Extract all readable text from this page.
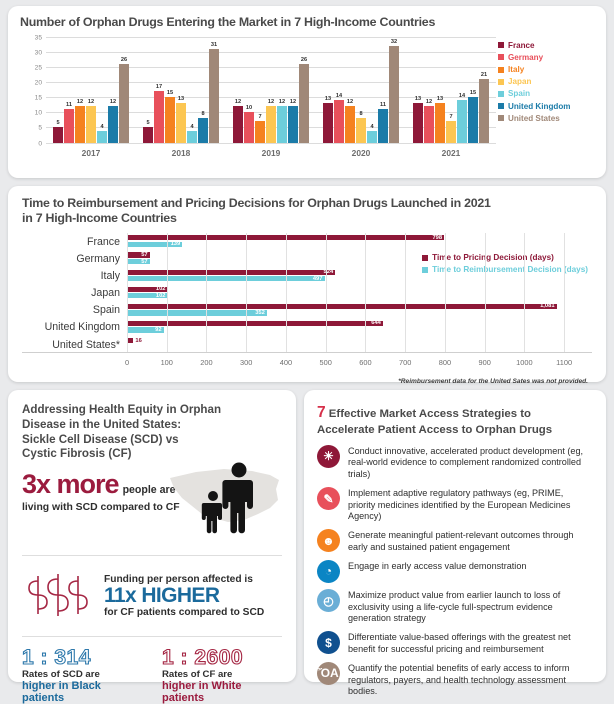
Number of Orphan Drugs Entering the Market in 7 High-Income Countries
35
30
25
20
15
10
5
0
5
11
12 12
4
12
26
2017
5
17
15
13
4
8
31
2018
12
10
7
12 12 12
26
2019
13
14
12
8
4
11
32
2020
13
12
13
7
14
15
21
2021
France
Germany
Italy
Japan
Spain
United Kingdom
United States
Time to Reimbursement and Pricing Decisions for Orphan Drugs Launched in 2021
in 7 High-Income Countries
France	798
139
Germany	57
57
Italy	524
497
Japan	102
102
Spain	1,081
352
United Kingdom	644
92
United States*	16
Time to Pricing Decision (days)
Time to Reimbursement Decision (days)
*Reimbursement data for the United Sates was not provided.
0	100	200	300	400	500	600	700	800	900	1000	1100
Addressing Health Equity in Orphan
Disease in the United States:
Sickle Cell Disease (SCD) vs
Cystic Fibrosis (CF)
3x more people are
living with SCD compared to CF
Funding per person affected is
11x HIGHER
for CF patients compared to SCD
1 : 314
Rates of SCD are
higher in Black patients
1 : 2600
Rates of CF are
higher in White patients
7 Effective Market Access Strategies to
Accelerate Patient Access to Orphan Drugs
☀	Conduct innovative, accelerated product development (eg, real-world evidence to complement randomized controlled trials)
✎	Implement adaptive regulatory pathways (eg, PRIME, priority medicines identified by the European Medicines Agency)
☻	Generate meaningful patient-relevant outcomes through early and sustained patient engagement
◔	Engage in early access value demonstration
◴	Maximize product value from earlier launch to loss of exclusivity using a life-cycle full-spectrum evidence generation strategy
$	Differentiate value-based offerings with the greatest net benefit for successful pricing and reimbursement
ὌA Quantify the potential benefits of early access to inform regulators, payers, and health technology assessment bodies.
